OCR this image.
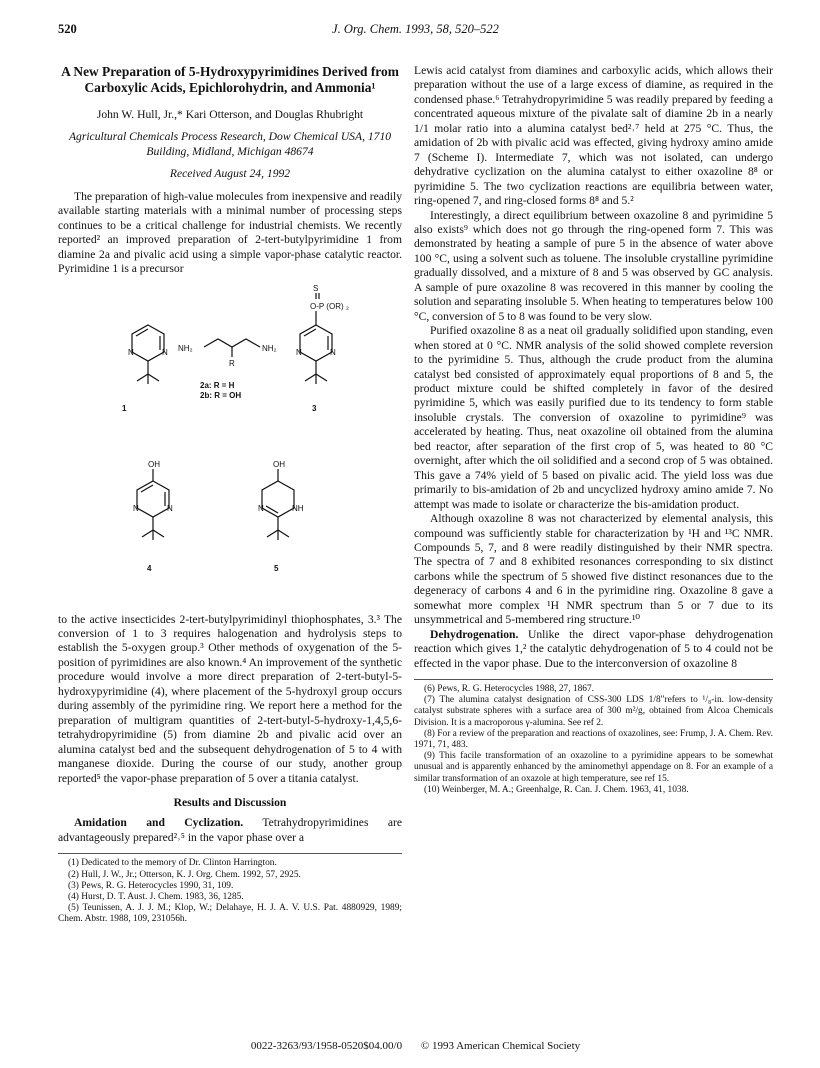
520	J. Org. Chem. 1993, 58, 520–522
A New Preparation of 5-Hydroxypyrimidines Derived from Carboxylic Acids, Epichlorohydrin, and Ammonia¹
John W. Hull, Jr.,* Kari Otterson, and Douglas Rhubright
Agricultural Chemicals Process Research, Dow Chemical USA, 1710 Building, Midland, Michigan 48674
Received August 24, 1992

The preparation of high-value molecules from inexpensive and readily available starting materials with a minimal number of processing steps continues to be a critical challenge for industrial chemists. We recently reported² an improved preparation of 2-tert-butylpyrimidine 1 from diamine 2a and pivalic acid using a simple vapor-phase catalytic reactor. Pyrimidine 1 is a precursor

N	N
1
NH₂	NH₂
R
2a: R = H
2b: R = OH
S
O-P (OR) ₂
N	N
3
OH
N	N
4
OH
N	NH
5

to the active insecticides 2-tert-butylpyrimidinyl thiophosphates, 3.³ The conversion of 1 to 3 requires halogenation and hydrolysis steps to establish the 5-oxygen group.³ Other methods of oxygenation of the 5-position of pyrimidines are also known.⁴ An improvement of the synthetic procedure would involve a more direct preparation of 2-tert-butyl-5-hydroxypyrimidine (4), where placement of the 5-hydroxyl group occurs during assembly of the pyrimidine ring. We report here a method for the preparation of multigram quantities of 2-tert-butyl-5-hydroxy-1,4,5,6-tetrahydropyrimidine (5) from diamine 2b and pivalic acid over an alumina catalyst bed and the subsequent dehydrogenation of 5 to 4 with manganese dioxide. During the course of our study, another group reported⁵ the vapor-phase preparation of 5 over a titania catalyst.

Results and Discussion

Amidation and Cyclization. Tetrahydropyrimidines are advantageously prepared²˒⁵ in the vapor phase over a

(1) Dedicated to the memory of Dr. Clinton Harrington.

(2) Hull, J. W., Jr.; Otterson, K. J. Org. Chem. 1992, 57, 2925.

(3) Pews, R. G. Heterocycles 1990, 31, 109.

(4) Hurst, D. T. Aust. J. Chem. 1983, 36, 1285.

(5) Teunissen, A. J. J. M.; Klop, W.; Delahaye, H. J. A. V. U.S. Pat. 4880929, 1989; Chem. Abstr. 1988, 109, 231056h.

Lewis acid catalyst from diamines and carboxylic acids, which allows their preparation without the use of a large excess of diamine, as required in the condensed phase.⁶ Tetrahydropyrimidine 5 was readily prepared by feeding a concentrated aqueous mixture of the pivalate salt of diamine 2b in a nearly 1/1 molar ratio into a alumina catalyst bed²˒⁷ held at 275 °C. Thus, the amidation of 2b with pivalic acid was effected, giving hydroxy amino amide 7 (Scheme I). Intermediate 7, which was not isolated, can undergo dehydrative cyclization on the alumina catalyst to either oxazoline 8⁸ or pyrimidine 5. The two cyclization reactions are equilibria between water, ring-opened 7, and ring-closed forms 8⁸ and 5.²

Interestingly, a direct equilibrium between oxazoline 8 and pyrimidine 5 also exists⁹ which does not go through the ring-opened form 7. This was demonstrated by heating a sample of pure 5 in the absence of water above 100 °C, using a solvent such as toluene. The insoluble crystalline pyrimidine gradually dissolved, and a mixture of 8 and 5 was observed by GC analysis. A sample of pure oxazoline 8 was recovered in this manner by cooling the solution and separating insoluble 5. When heating to temperatures below 100 °C, conversion of 5 to 8 was found to be very slow.

Purified oxazoline 8 as a neat oil gradually solidified upon standing, even when stored at 0 °C. NMR analysis of the solid showed complete reversion to the pyrimidine 5. Thus, although the crude product from the alumina catalyst bed consisted of approximately equal proportions of 8 and 5, the product mixture could be shifted completely in favor of the desired pyrimidine 5, which was easily purified due to its tendency to form stable insoluble crystals. The conversion of oxazoline to pyrimidine⁹ was accelerated by heating. Thus, neat oxazoline oil obtained from the alumina bed reactor, after separation of the first crop of 5, was heated to 80 °C overnight, after which the oil solidified and a second crop of 5 was obtained. This gave a 74% yield of 5 based on pivalic acid. The yield loss was due primarily to bis-amidation of 2b and uncyclized hydroxy amino amide 7. No attempt was made to isolate or characterize the bis-amidation product.

Although oxazoline 8 was not characterized by elemental analysis, this compound was sufficiently stable for characterization by ¹H and ¹³C NMR. Compounds 5, 7, and 8 were readily distinguished by their NMR spectra. The spectra of 7 and 8 exhibited resonances corresponding to six distinct carbons while the spectrum of 5 showed five distinct resonances due to the degeneracy of carbons 4 and 6 in the pyrimidine ring. Oxazoline 8 gave a somewhat more complex ¹H NMR spectrum than 5 or 7 due to its unsymmetrical and 5-membered ring structure.¹⁰

Dehydrogenation. Unlike the direct vapor-phase dehydrogenation reaction which gives 1,² the catalytic dehydrogenation of 5 to 4 could not be effected in the vapor phase. Due to the interconversion of oxazoline 8

(6) Pews, R. G. Heterocycles 1988, 27, 1867.

(7) The alumina catalyst designation of CSS-300 LDS 1/8"refers to ¹/₈-in. low-density catalyst substrate spheres with a surface area of 300 m²/g, obtained from Alcoa Chemicals Division. It is a macroporous γ-alumina. See ref 2.

(8) For a review of the preparation and reactions of oxazolines, see: Frump, J. A. Chem. Rev. 1971, 71, 483.

(9) This facile transformation of an oxazoline to a pyrimidine appears to be somewhat unusual and is apparently enhanced by the aminomethyl appendage on 8. For an example of a similar transformation of an oxazole at high temperature, see ref 15.

(10) Weinberger, M. A.; Greenhalge, R. Can. J. Chem. 1963, 41, 1038.

0022-3263/93/1958-0520$04.00/0 © 1993 American Chemical Society
